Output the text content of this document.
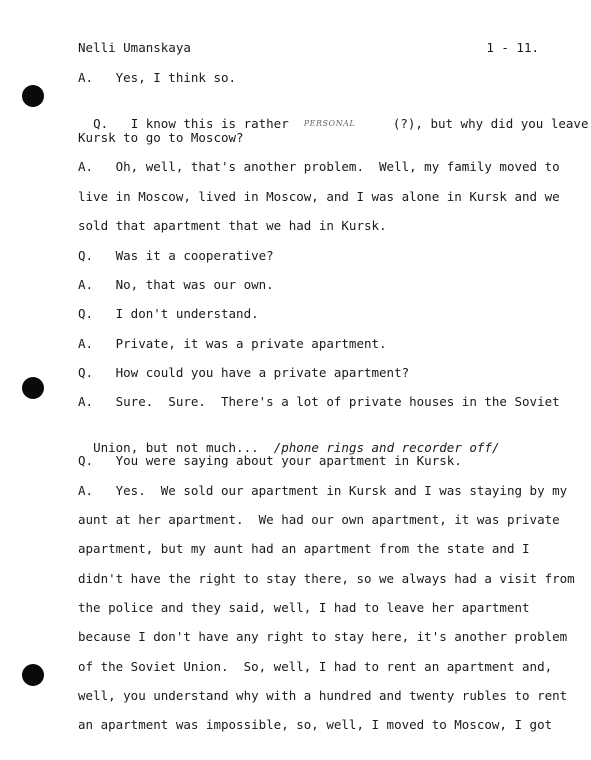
Nelli Umanskaya	1 - 11.
A.   Yes, I think so.

Q.   I know this is rather PERSONAL	(?), but why did you leave

Kursk to go to Moscow?
A.   Oh, well, that's another problem.  Well, my family moved to
live in Moscow, lived in Moscow, and I was alone in Kursk and we
sold that apartment that we had in Kursk.
Q.   Was it a cooperative?
A.   No, that was our own.
Q.   I don't understand.
A.   Private, it was a private apartment.
Q.   How could you have a private apartment?
A.   Sure.  Sure.  There's a lot of private houses in the Soviet

Union, but not much... /phone rings and recorder off/

Q.   You were saying about your apartment in Kursk.
A.   Yes.  We sold our apartment in Kursk and I was staying by my
aunt at her apartment.  We had our own apartment, it was private
apartment, but my aunt had an apartment from the state and I
didn't have the right to stay there, so we always had a visit from
the police and they said, well, I had to leave her apartment
because I don't have any right to stay here, it's another problem
of the Soviet Union.  So, well, I had to rent an apartment and,
well, you understand why with a hundred and twenty rubles to rent
an apartment was impossible, so, well, I moved to Moscow, I got
